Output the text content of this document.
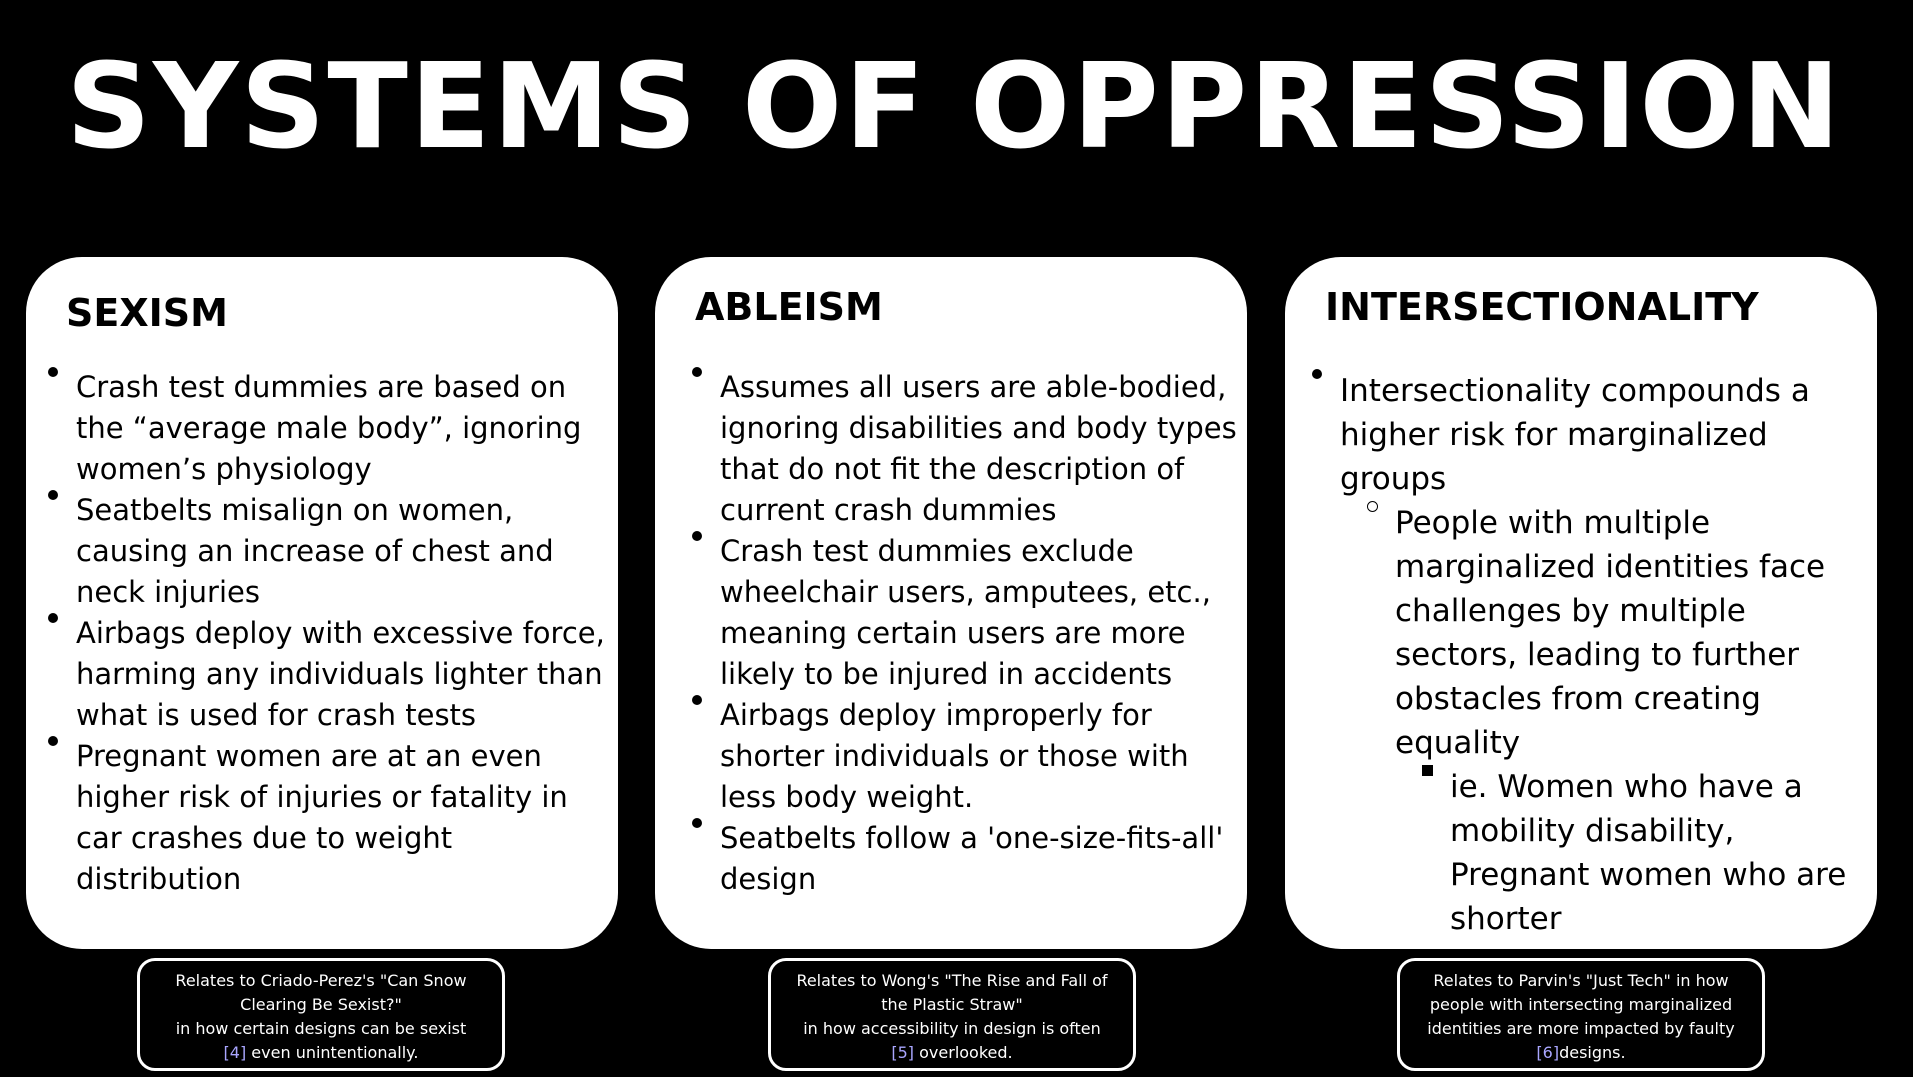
SYSTEMS OF OPPRESSION
SEXISM
Crash test dummies are based on the “average male body”, ignoring women’s physiology
Seatbelts misalign on women, causing an increase of chest and neck injuries
Airbags deploy with excessive force, harming any individuals lighter than what is used for crash tests
Pregnant women are at an even higher risk of injuries or fatality in car crashes due to weight distribution
ABLEISM
Assumes all users are able-bodied, ignoring disabilities and body types that do not fit the description of current crash dummies
Crash test dummies exclude wheelchair users, amputees, etc., meaning certain users are more likely to be injured in accidents
Airbags deploy improperly for shorter individuals or those with less body weight.
Seatbelts follow a 'one-size-fits-all' design
INTERSECTIONALITY
Intersectionality compounds a higher risk for marginalized groups
People with multiple marginalized identities face challenges by multiple sectors, leading to further obstacles from creating equality
ie. Women who have a mobility disability, Pregnant women who are shorter
Relates to Criado-Perez's "Can Snow Clearing Be Sexist?"
in how certain designs can be sexist
[4] even unintentionally.
Relates to Wong's "The Rise and Fall of the Plastic Straw"
in how accessibility in design is often
[5] overlooked.
Relates to Parvin's "Just Tech" in how people with intersecting marginalized identities are more impacted by faulty
[6]designs.
